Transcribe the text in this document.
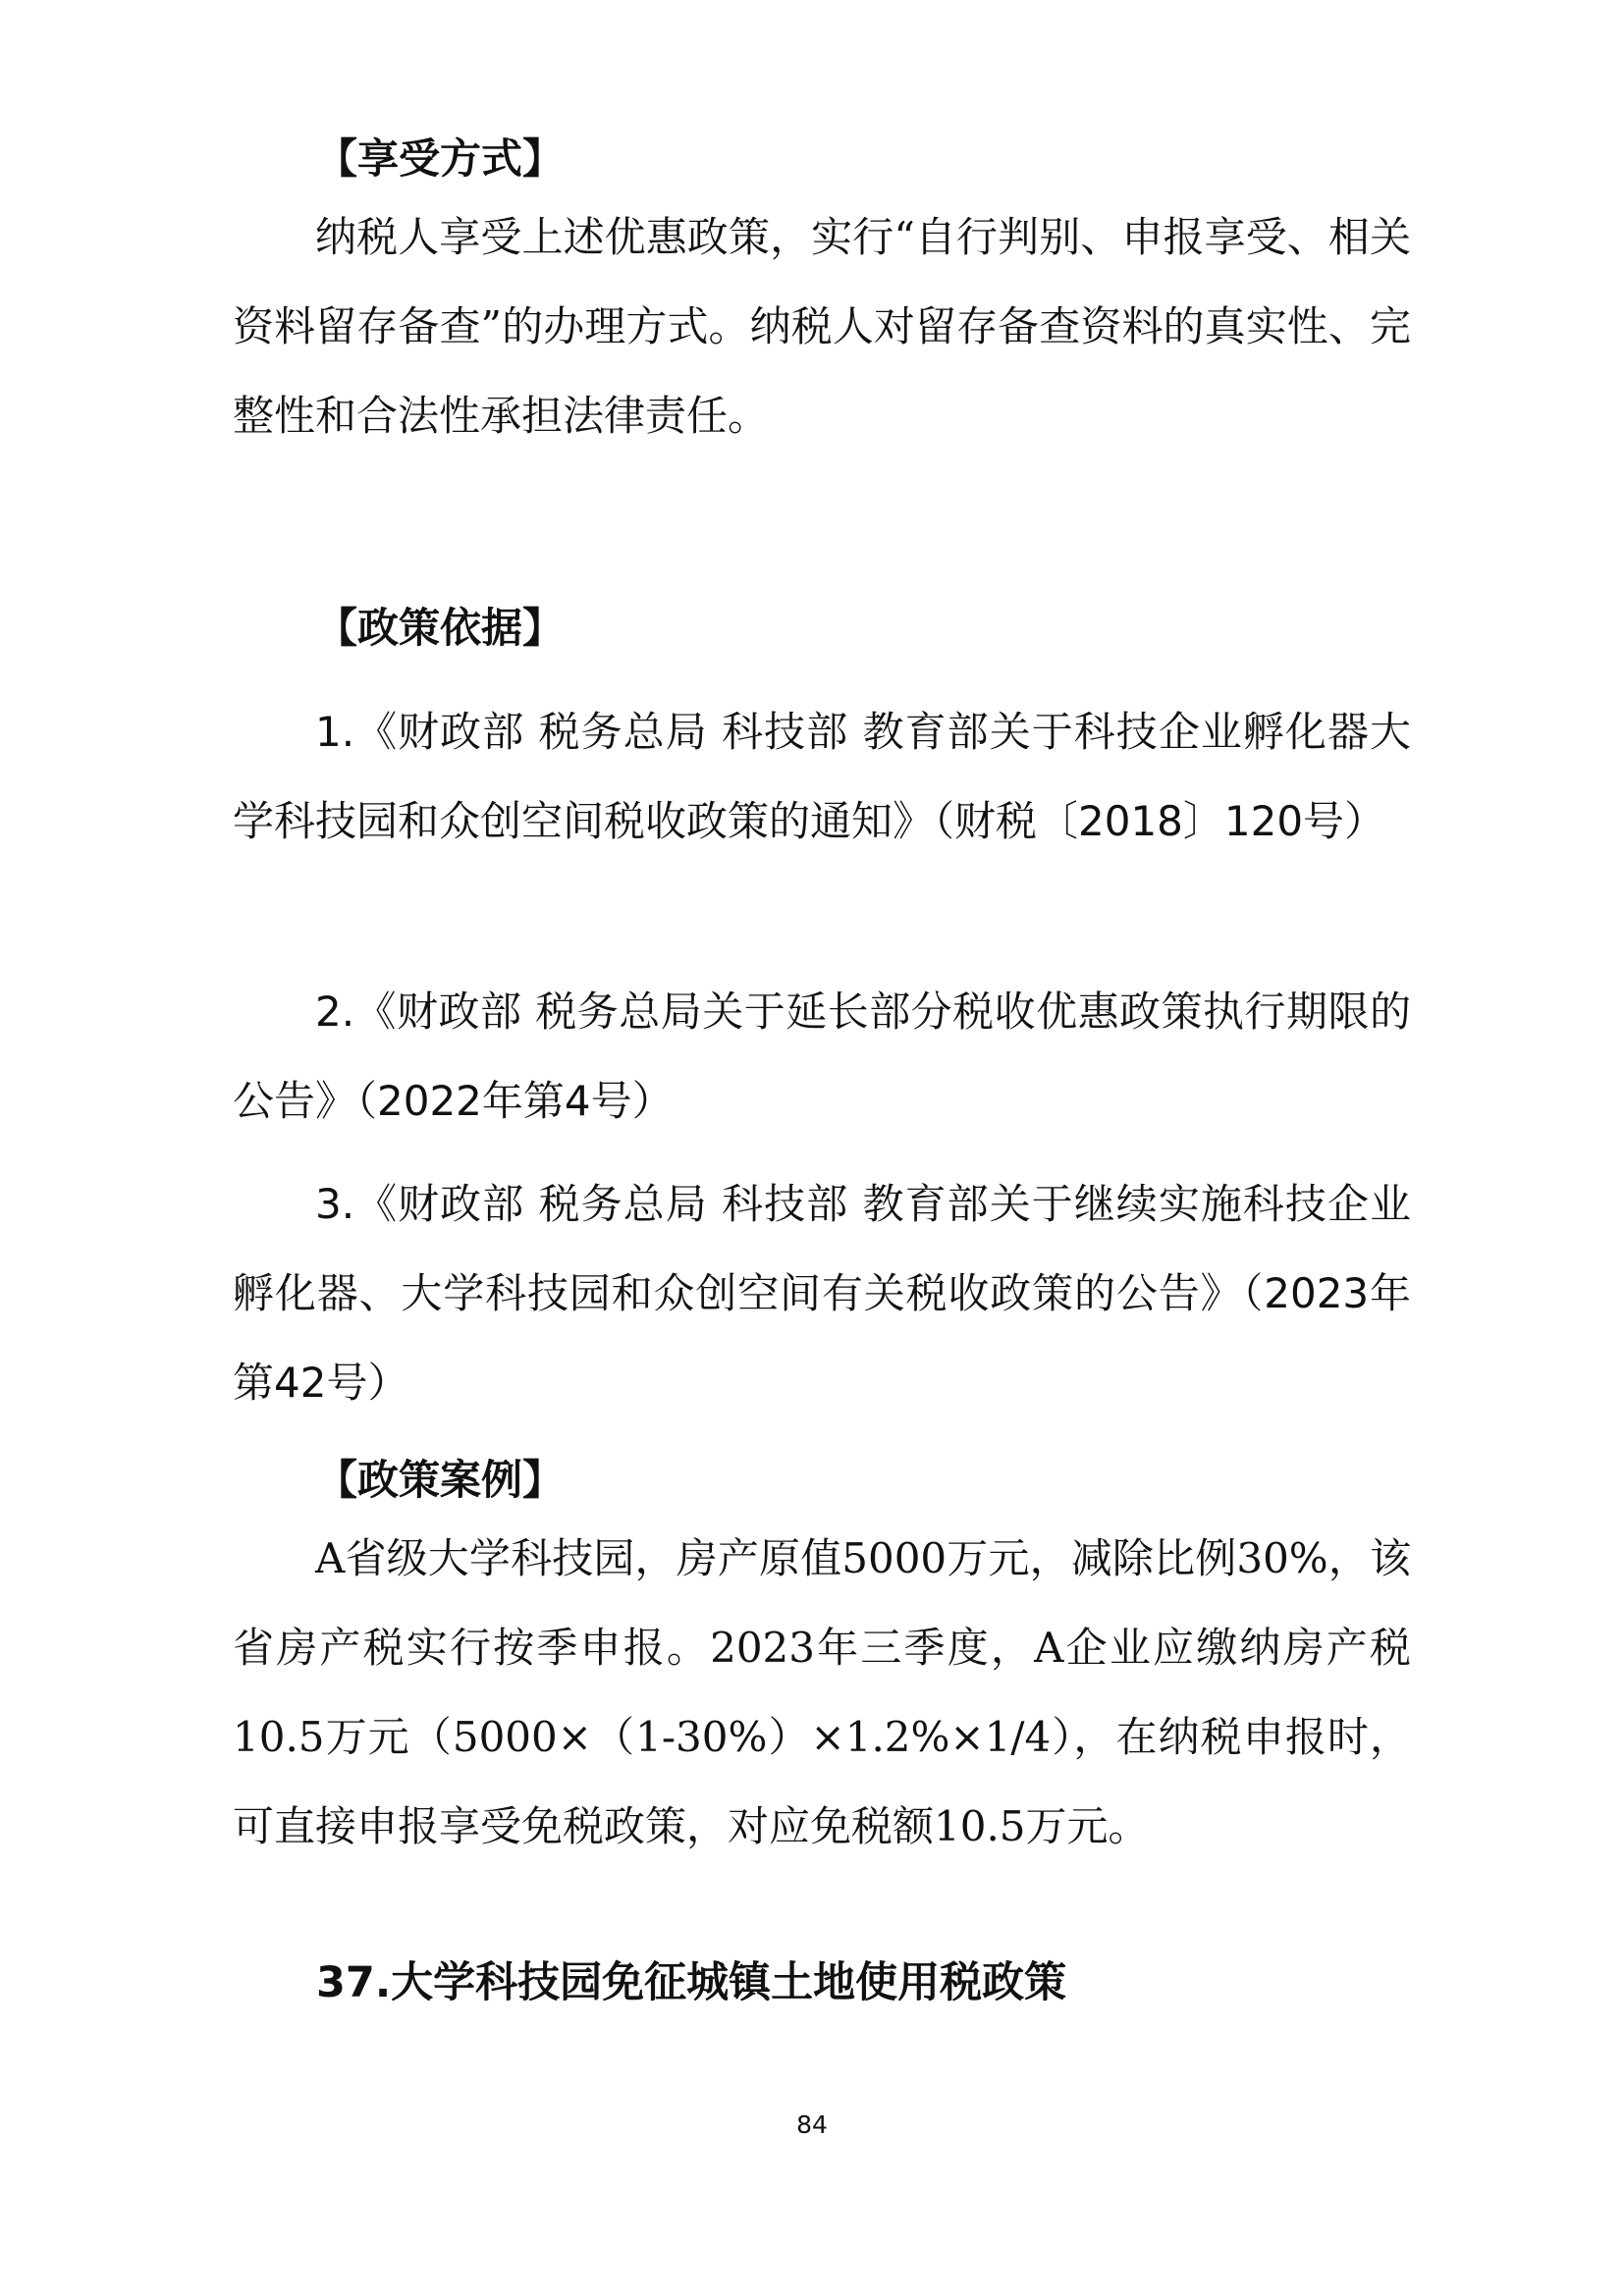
【享受方式】
纳税人享受上述优惠政策，实行“自行判别、申报享受、相关资料留存备查”的办理方式。纳税人对留存备查资料的真实性、完整性和合法性承担法律责任。
【政策依据】
1.《财政部 税务总局 科技部 教育部关于科技企业孵化器大学科技园和众创空间税收政策的通知》（财税〔2018〕120号）
2.《财政部 税务总局关于延长部分税收优惠政策执行期限的公告》（2022年第4号）
3.《财政部 税务总局 科技部 教育部关于继续实施科技企业孵化器、大学科技园和众创空间有关税收政策的公告》（2023年第42号）
【政策案例】
A省级大学科技园，房产原值5000万元，减除比例30%，该省房产税实行按季申报。2023年三季度，A企业应缴纳房产税10.5万元（5000×（1-30%）×1.2%×1/4），在纳税申报时，可直接申报享受免税政策，对应免税额10.5万元。
37.大学科技园免征城镇土地使用税政策
84
